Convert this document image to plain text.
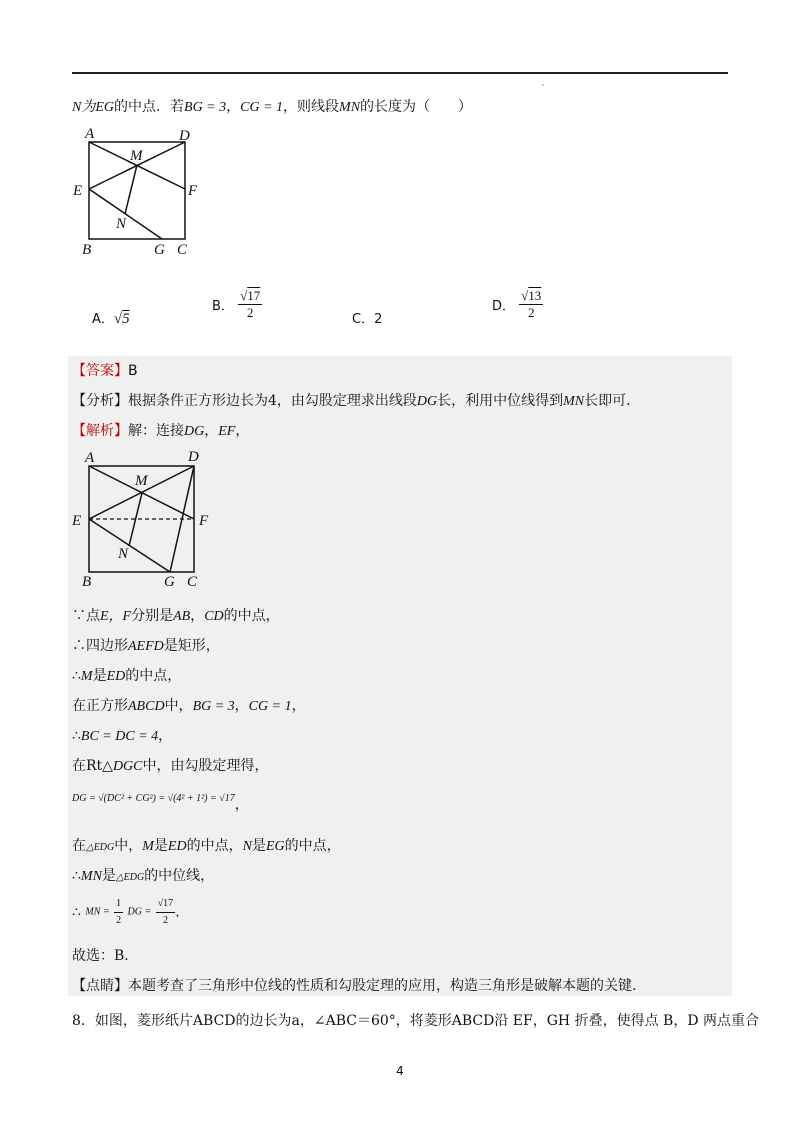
N为EG的中点．若BG = 3，CG = 1，则线段MN的长度为（　　）
A	D
M
E	F
N
B	G C
A．√5
B． $\frac{√17}{2}$	C．2
D． $\frac{√13}{2}$
【答案】B
【分析】根据条件正方形边长为4，由勾股定理求出线段DG长，利用中位线得到MN长即可.
【解析】解：连接DG，EF，
A	D
M
E	F
N
B	G C
∵点E，F分别是AB，CD的中点，
∴四边形AEFD是矩形，
∴M是ED的中点，
在正方形ABCD中，BG = 3，CG = 1，
∴BC = DC = 4，
在Rt△DGC中，由勾股定理得，
DG = √(DC² + CG²) = √(4² + 1²) = √17，
在△EDG中，M是ED的中点，N是EG的中点，
∴MN是△EDG的中位线，
∴ MN = $\frac{1}{2}$ DG = $\frac{√17}{2}$ .
故选：B.
【点睛】本题考查了三角形中位线的性质和勾股定理的应用，构造三角形是破解本题的关键.
8．如图，菱形纸片ABCD的边长为a，∠ABC＝60°，将菱形ABCD沿 EF，GH 折叠，使得点 B，D 两点重合
4
